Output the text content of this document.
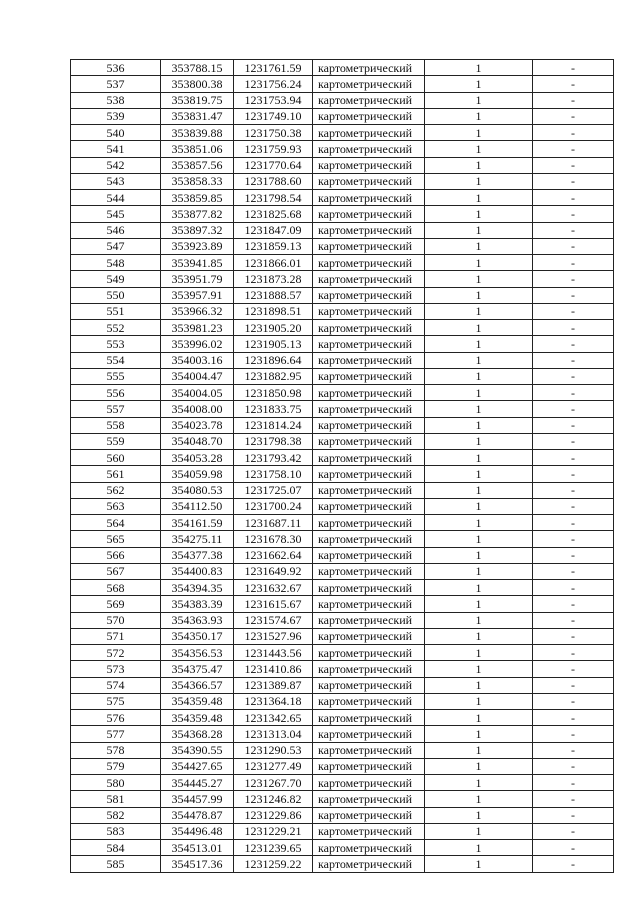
536	353788.15	1231761.59	картометрический	1	-
537	353800.38	1231756.24	картометрический	1	-
538	353819.75	1231753.94	картометрический	1	-
539	353831.47	1231749.10	картометрический	1	-
540	353839.88	1231750.38	картометрический	1	-
541	353851.06	1231759.93	картометрический	1	-
542	353857.56	1231770.64	картометрический	1	-
543	353858.33	1231788.60	картометрический	1	-
544	353859.85	1231798.54	картометрический	1	-
545	353877.82	1231825.68	картометрический	1	-
546	353897.32	1231847.09	картометрический	1	-
547	353923.89	1231859.13	картометрический	1	-
548	353941.85	1231866.01	картометрический	1	-
549	353951.79	1231873.28	картометрический	1	-
550	353957.91	1231888.57	картометрический	1	-
551	353966.32	1231898.51	картометрический	1	-
552	353981.23	1231905.20	картометрический	1	-
553	353996.02	1231905.13	картометрический	1	-
554	354003.16	1231896.64	картометрический	1	-
555	354004.47	1231882.95	картометрический	1	-
556	354004.05	1231850.98	картометрический	1	-
557	354008.00	1231833.75	картометрический	1	-
558	354023.78	1231814.24	картометрический	1	-
559	354048.70	1231798.38	картометрический	1	-
560	354053.28	1231793.42	картометрический	1	-
561	354059.98	1231758.10	картометрический	1	-
562	354080.53	1231725.07	картометрический	1	-
563	354112.50	1231700.24	картометрический	1	-
564	354161.59	1231687.11	картометрический	1	-
565	354275.11	1231678.30	картометрический	1	-
566	354377.38	1231662.64	картометрический	1	-
567	354400.83	1231649.92	картометрический	1	-
568	354394.35	1231632.67	картометрический	1	-
569	354383.39	1231615.67	картометрический	1	-
570	354363.93	1231574.67	картометрический	1	-
571	354350.17	1231527.96	картометрический	1	-
572	354356.53	1231443.56	картометрический	1	-
573	354375.47	1231410.86	картометрический	1	-
574	354366.57	1231389.87	картометрический	1	-
575	354359.48	1231364.18	картометрический	1	-
576	354359.48	1231342.65	картометрический	1	-
577	354368.28	1231313.04	картометрический	1	-
578	354390.55	1231290.53	картометрический	1	-
579	354427.65	1231277.49	картометрический	1	-
580	354445.27	1231267.70	картометрический	1	-
581	354457.99	1231246.82	картометрический	1	-
582	354478.87	1231229.86	картометрический	1	-
583	354496.48	1231229.21	картометрический	1	-
584	354513.01	1231239.65	картометрический	1	-
585	354517.36	1231259.22	картометрический	1	-
